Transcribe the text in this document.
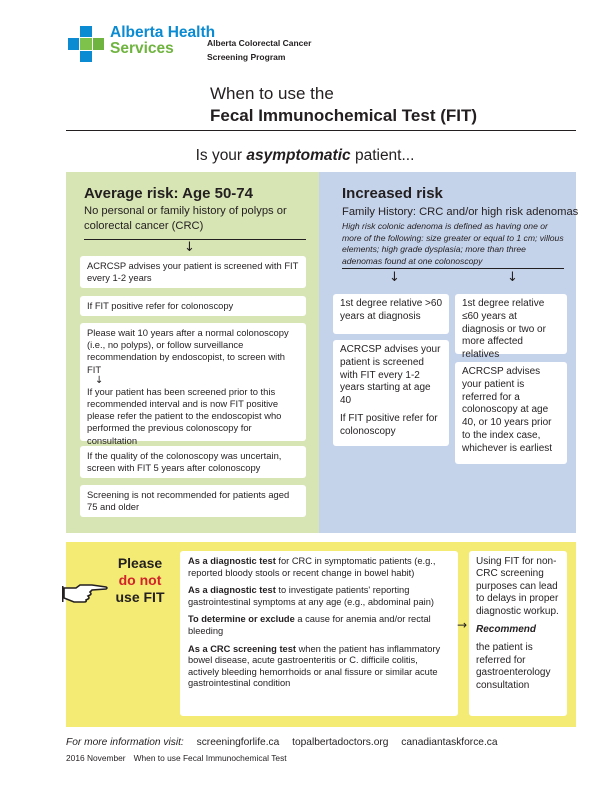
Alberta Health
Services	Alberta Colorectal Cancer
Screening Program
When to use the
Fecal Immunochemical Test (FIT)
Is your asymptomatic patient...
Average risk: Age 50-74
No personal or family history of polyps or colorectal cancer (CRC)
↓
ACRCSP advises your patient is screened with FIT every 1-2 years
If FIT positive refer for colonoscopy
Please wait 10 years after a normal colonoscopy (i.e., no polyps), or follow surveillance recommendation by endoscopist, to screen with FIT
↓
If your patient has been screened prior to this recommended interval and is now FIT positive please refer the patient to the endoscopist who performed the previous colonoscopy for consultation
If the quality of the colonoscopy was uncertain, screen with FIT 5 years after colonoscopy
Screening is not recommended for patients aged 75 and older
Increased risk
Family History: CRC and/or high risk adenomas
High risk colonic adenoma is defined as having one or more of the following: size greater or equal to 1 cm; villous elements; high grade dysplasia; more than three adenomas found at one colonoscopy
↓	↓
1st degree relative >60 years at diagnosis
ACRCSP advises your patient is screened with FIT every 1-2 years starting at age 40
If FIT positive refer for colonoscopy
1st degree relative ≤60 years at diagnosis or two or more affected relatives
ACRCSP advises your patient is referred for a colonoscopy at age 40, or 10 years prior to the index case, whichever is earliest
Please
do not
use FIT

As a diagnostic test for CRC in symptomatic patients (e.g., reported bloody stools or recent change in bowel habit)

As a diagnostic test to investigate patients' reporting gastrointestinal symptoms at any age (e.g., abdominal pain)

To determine or exclude a cause for anemia and/or rectal bleeding

As a CRC screening test when the patient has inflammatory bowel disease, acute gastroenteritis or C. difficile colitis, actively bleeding hemorrhoids or anal fissure or similar acute gastrointestinal condition

→

Using FIT for non-CRC screening purposes can lead to delays in proper diagnostic workup.

Recommend

the patient is referred for gastroenterology consultation

For more information visit: screeningforlife.ca topalbertadoctors.org canadiantaskforce.ca
2016 November When to use Fecal Immunochemical Test
